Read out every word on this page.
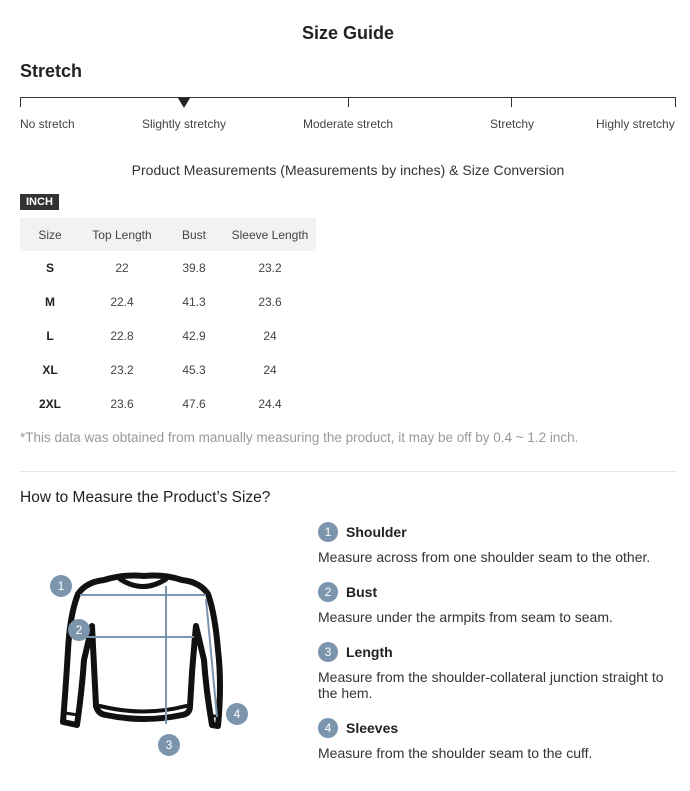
Size Guide
Stretch
No stretch	Slightly stretchy	Moderate stretch	Stretchy	Highly stretchy
Product Measurements (Measurements by inches) & Size Conversion
INCH
Size	Top Length	Bust	Sleeve Length
S	22	39.8	23.2
M	22.4	41.3	23.6
L	22.8	42.9	24
XL	23.2	45.3	24
2XL	23.6	47.6	24.4
*This data was obtained from manually measuring the product, it may be off by 0.4 ~ 1.2 inch.
How to Measure the Product’s Size?
1
2
3
4
1	Shoulder
Measure across from one shoulder seam to the other.
2	Bust
Measure under the armpits from seam to seam.
3	Length
Measure from the shoulder-collateral junction straight to the hem.
4	Sleeves
Measure from the shoulder seam to the cuff.
